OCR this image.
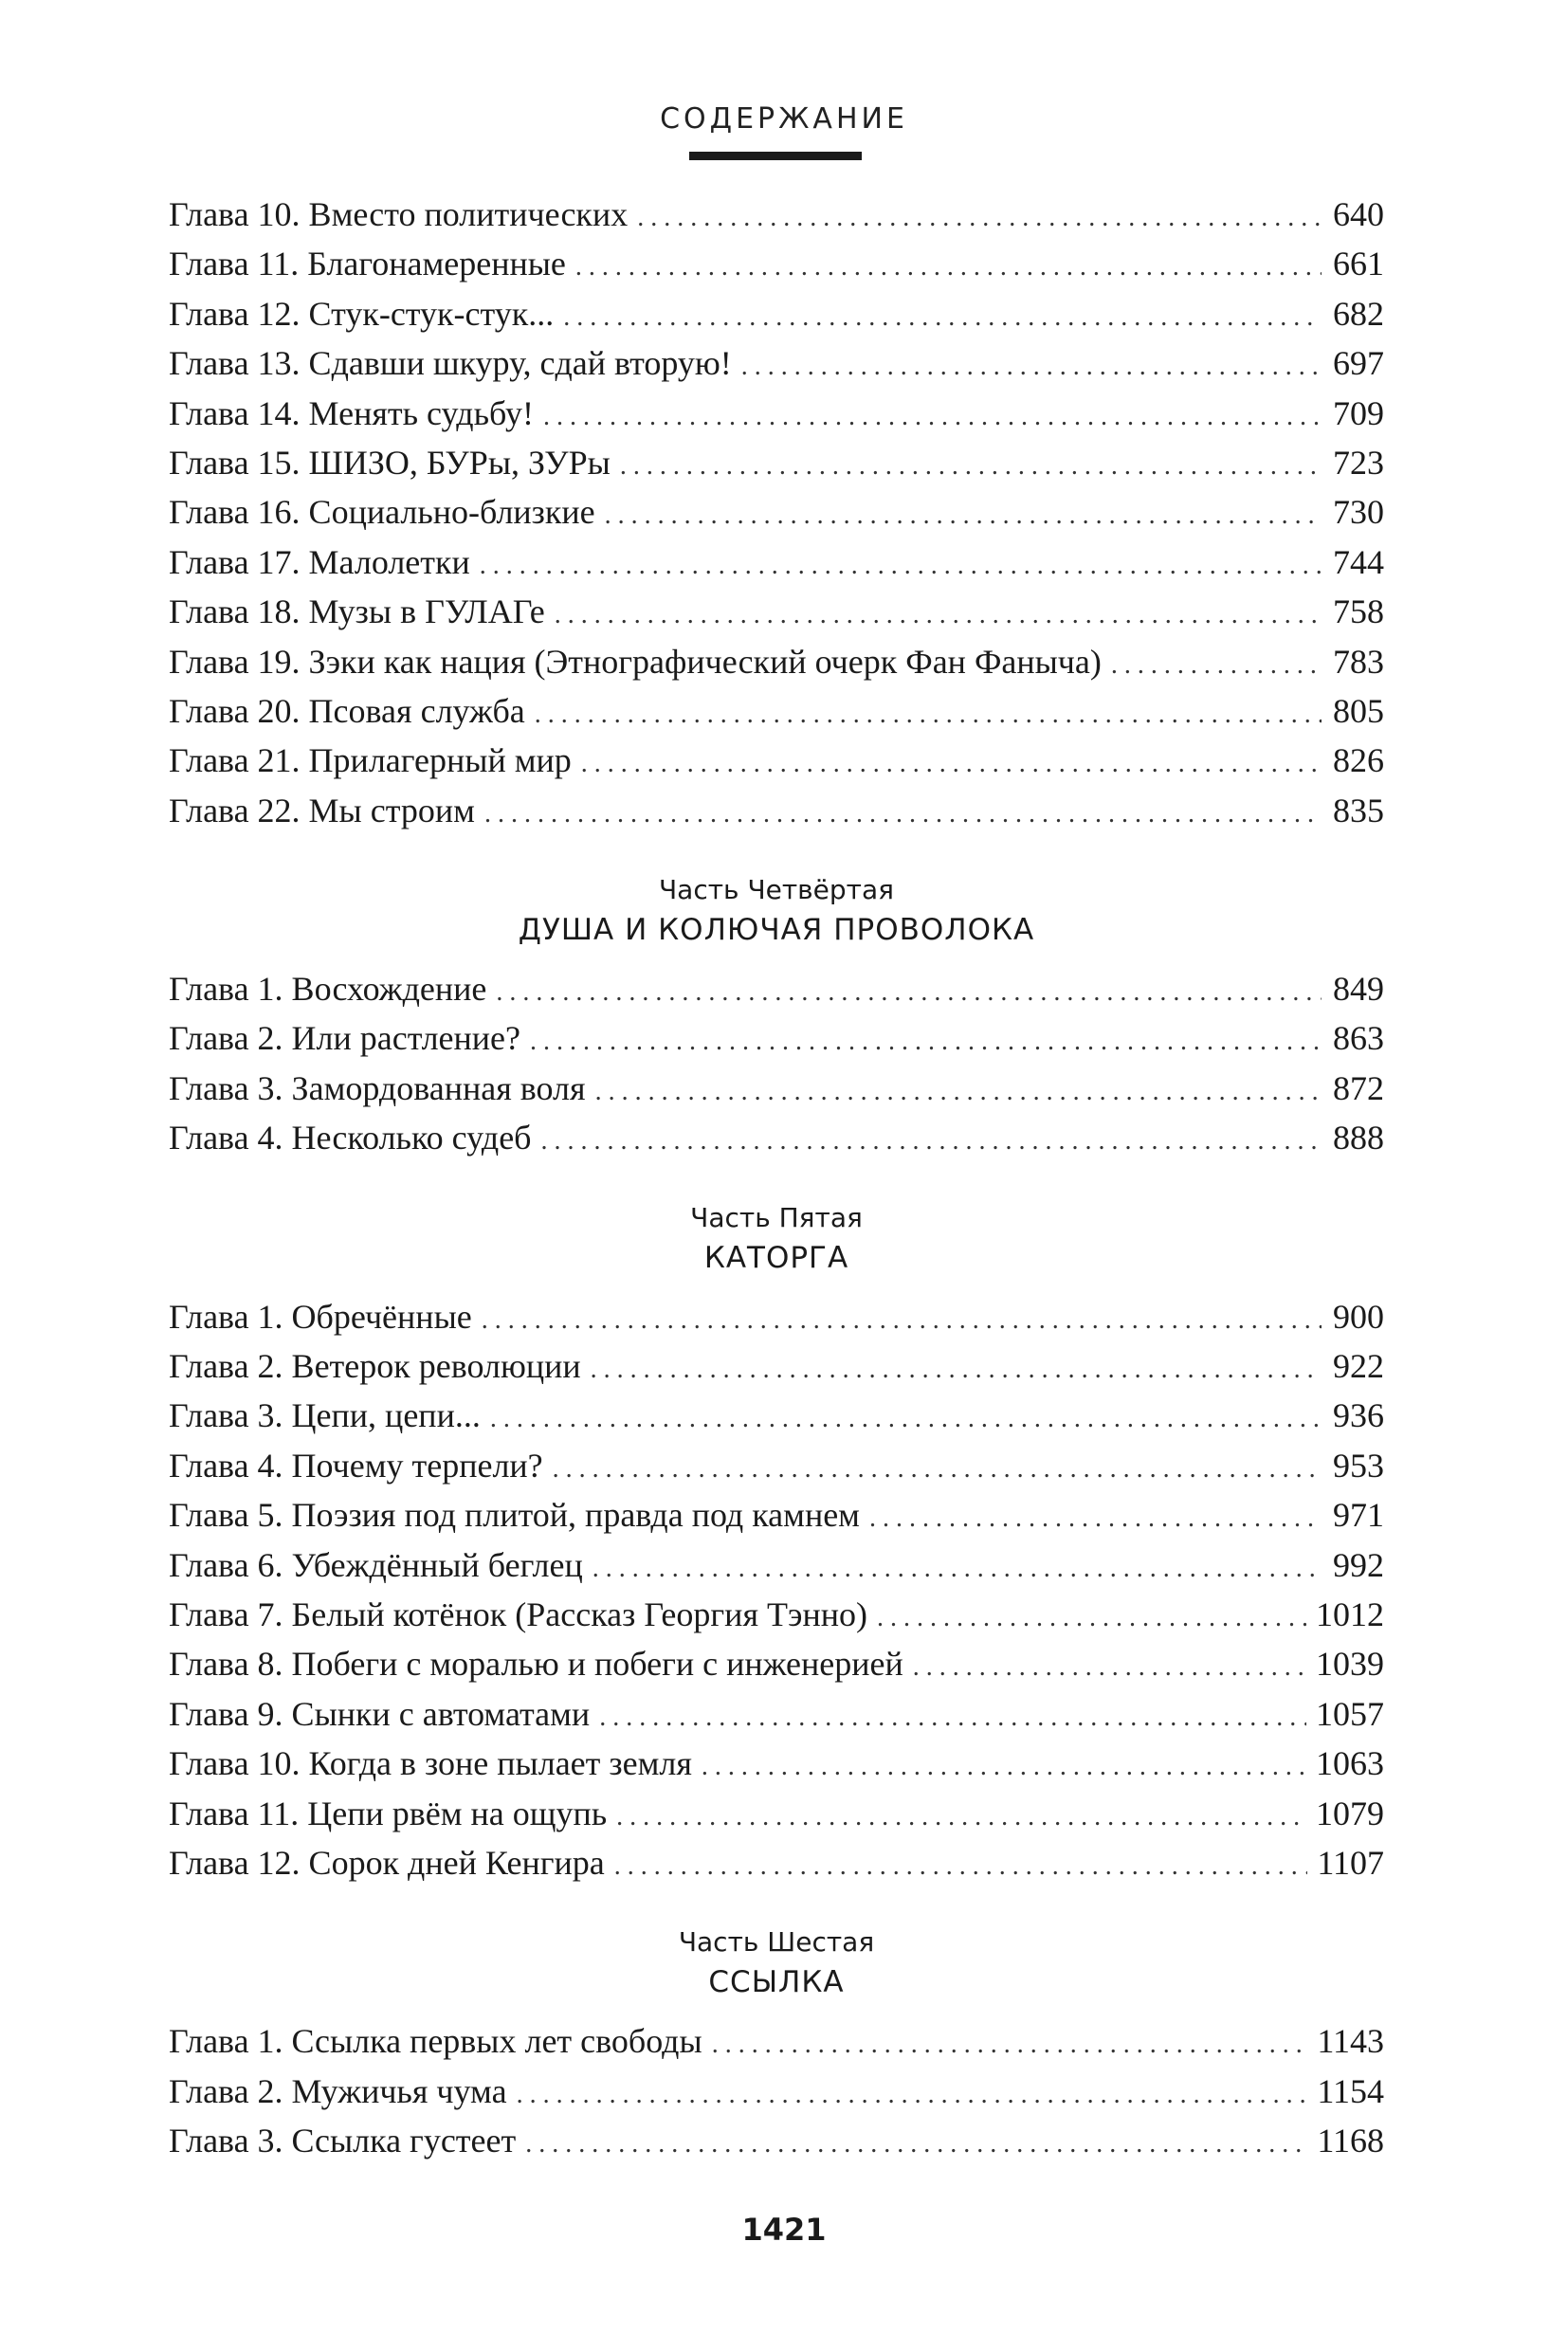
СОДЕРЖАНИЕ
Глава 10. Вместо политических . . .	640
Глава 11. Благонамеренные . . .	661
Глава 12. Стук-стук-стук... . . .	682
Глава 13. Сдавши шкуру, сдай вторую! . . .	697
Глава 14. Менять судьбу! . . .	709
Глава 15. ШИЗО, БУРы, ЗУРы . . .	723
Глава 16. Социально-близкие . . .	730
Глава 17. Малолетки . . .	744
Глава 18. Музы в ГУЛАГе . . .	758
Глава 19. Зэки как нация (Этнографический очерк Фан Фаныча) . . .	783
Глава 20. Псовая служба . . .	805
Глава 21. Прилагерный мир . . .	826
Глава 22. Мы строим . . .	835
Часть Четвёртая
ДУША И КОЛЮЧАЯ ПРОВОЛОКА
Глава 1. Восхождение . . .	849
Глава 2. Или растление? . . .	863
Глава 3. Замордованная воля . . .	872
Глава 4. Несколько судеб . . .	888
Часть Пятая
КАТОРГА
Глава 1. Обречённые . . .	900
Глава 2. Ветерок революции . . .	922
Глава 3. Цепи, цепи... . . .	936
Глава 4. Почему терпели? . . .	953
Глава 5. Поэзия под плитой, правда под камнем . . .	971
Глава 6. Убеждённый беглец . . .	992
Глава 7. Белый котёнок (Рассказ Георгия Тэнно) . . .	1012
Глава 8. Побеги с моралью и побеги с инженерией . . .	1039
Глава 9. Сынки с автоматами . . .	1057
Глава 10. Когда в зоне пылает земля . . .	1063
Глава 11. Цепи рвём на ощупь . . .	1079
Глава 12. Сорок дней Кенгира . . .	1107
Часть Шестая
ССЫЛКА
Глава 1. Ссылка первых лет свободы . . .	1143
Глава 2. Мужичья чума . . .	1154
Глава 3. Ссылка густеет . . .	1168
1421
